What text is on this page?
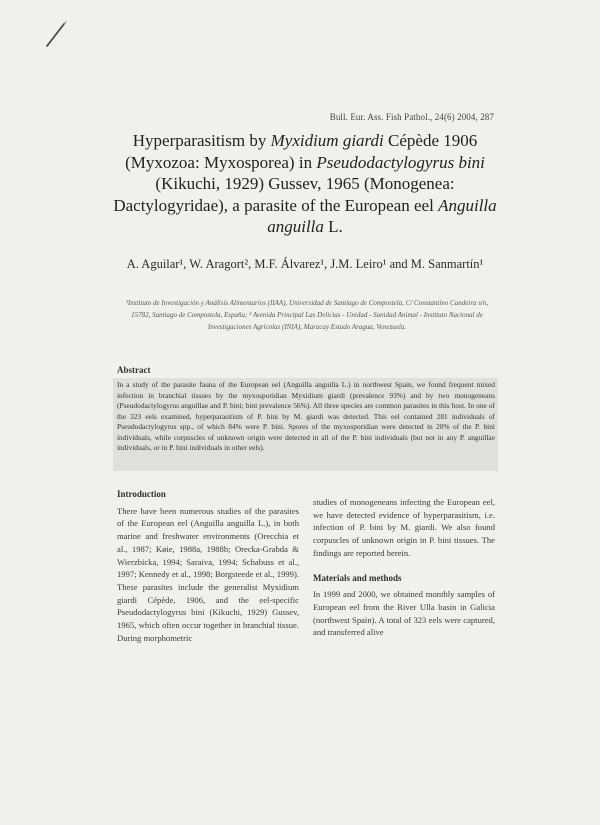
Bull. Eur. Ass. Fish Pathol., 24(6) 2004, 287
Hyperparasitism by Myxidium giardi Cépède 1906 (Myxozoa: Myxosporea) in Pseudodactylogyrus bini (Kikuchi, 1929) Gussev, 1965 (Monogenea: Dactylogyridae), a parasite of the European eel Anguilla anguilla L.
A. Aguilar¹, W. Aragort², M.F. Álvarez¹, J.M. Leiro¹ and M. Sanmartín¹
¹Instituto de Investigación y Análisis Alimentarios (IIAA), Universidad de Santiago de Compostela, C/ Constantino Candeira s/n, 15782, Santiago de Compostela, España; ² Avenida Principal Las Delicias - Unidad - Sanidad Animal - Instituto Nacional de Investigaciones Agrícolas (INIA), Maracay Estado Aragua, Venezuela.
Abstract

In a study of the parasite fauna of the European eel (Anguilla anguilla L.) in northwest Spain, we found frequent mixed infection in branchial tissues by the myxosporidian Myxidium giardi (prevalence 93%) and by two monogeneans (Pseudodactylogyrus anguillae and P. bini; bini prevalence 56%). All three species are common parasites in this host. In one of the 323 eels examined, hyperparasitism of P. bini by M. giardi was detected. This eel contained 281 individuals of Pseudodactylogyrus spp., of which 84% were P. bini. Spores of the myxosporidian were detected in 20% of the P. bini individuals, while corpuscles of unknown origin were detected in all of the P. bini individuals (but not in any P. anguillae individuals, or in P. bini individuals in other eels).

Introduction

There have been numerous studies of the parasites of the European eel (Anguilla anguilla L.), in both marine and freshwater environments (Orecchia et al., 1987; Køie, 1988a, 1988b; Orecka-Grabda & Wierzbicka, 1994; Saraiva, 1994; Schabuss et al., 1997; Kennedy et al., 1998; Borgsteede et al., 1999). These parasites include the generalist Myxidium giardi Cépède, 1906, and the eel-specific Pseudodactylogyrus bini (Kikuchi, 1929) Gussev, 1965, which often occur together in branchial tissue. During morphometric

studies of monogeneans infecting the European eel, we have detected evidence of hyperparasitism, i.e. infection of P. bini by M. giardi. We also found corpuscles of unknown origin in P. bini tissues. The findings are reported herein.

Materials and methods

In 1999 and 2000, we obtained monthly samples of European eel from the River Ulla basin in Galicia (northwest Spain). A total of 323 eels were captured, and transferred alive
